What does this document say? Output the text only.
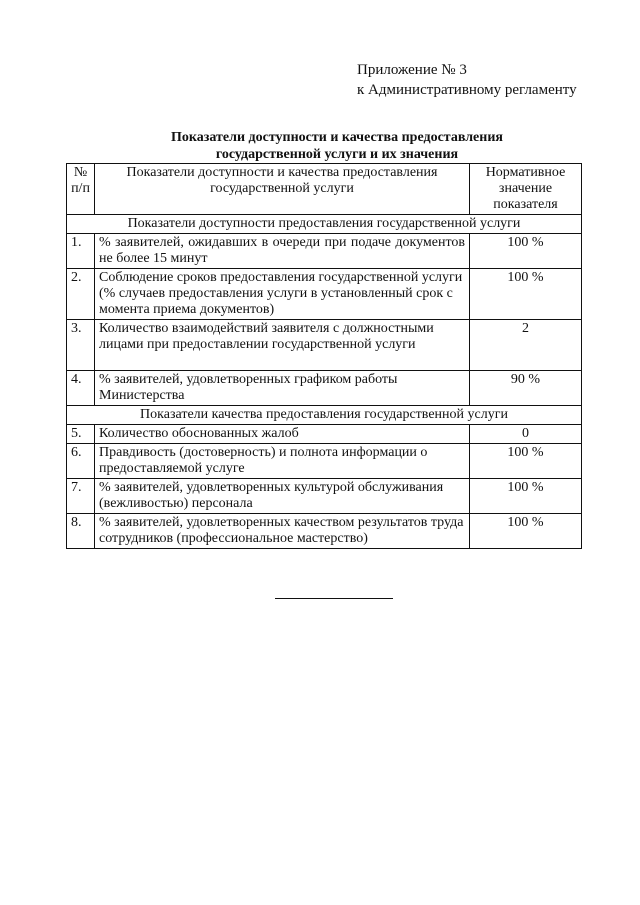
Приложение № 3
к Административному регламенту
Показатели доступности и качества предоставления
государственной услуги и их значения
№ п/п	Показатели доступности и качества предоставления государственной услуги	Нормативное значение показателя
Показатели доступности предоставления государственной услуги		
1.	% заявителей, ожидавших в очереди при подаче документов не более 15 минут	100 %
2.	Соблюдение сроков предоставления государственной услуги (% случаев предоставления услуги в установленный срок с момента приема документов)	100 %
3.	Количество взаимодействий заявителя с должностными лицами при предоставлении государственной услуги	2
4.	% заявителей, удовлетворенных графиком работы Министерства	90 %
Показатели качества предоставления государственной услуги		
5.	Количество обоснованных жалоб	0
6.	Правдивость (достоверность) и полнота информации о предоставляемой услуге	100 %
7.	% заявителей, удовлетворенных культурой обслуживания (вежливостью) персонала	100 %
8.	% заявителей, удовлетворенных качеством результатов труда сотрудников (профессиональное мастерство)	100 %
